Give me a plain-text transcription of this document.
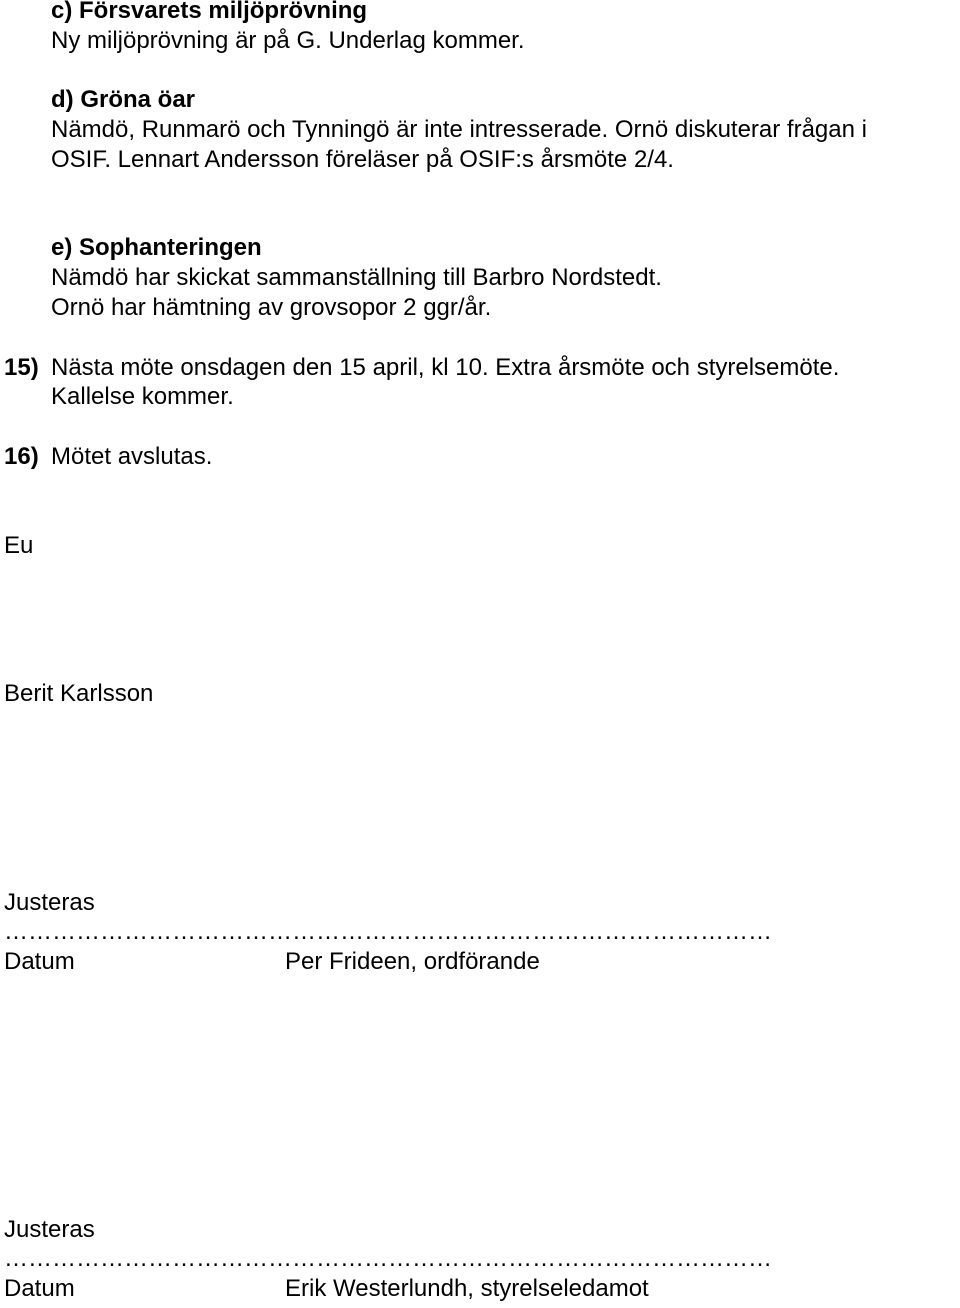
c) Försvarets miljöprövning
Ny miljöprövning är på G. Underlag kommer.
d) Gröna öar
Nämdö, Runmarö och Tynningö är inte intresserade. Ornö diskuterar frågan i
OSIF. Lennart Andersson föreläser på OSIF:s årsmöte 2/4.
e) Sophanteringen
Nämdö har skickat sammanställning till Barbro Nordstedt.
Ornö har hämtning av grovsopor 2 ggr/år.
15) Nästa möte onsdagen den 15 april, kl 10. Extra årsmöte och styrelsemöte.
Kallelse kommer.
16) Mötet avslutas.
Eu
Berit Karlsson
Justeras
……………………………………………………………………………………
Datum	Per Frideen, ordförande
Justeras
……………………………………………………………………………………
Datum	Erik Westerlundh, styrelseledamot
